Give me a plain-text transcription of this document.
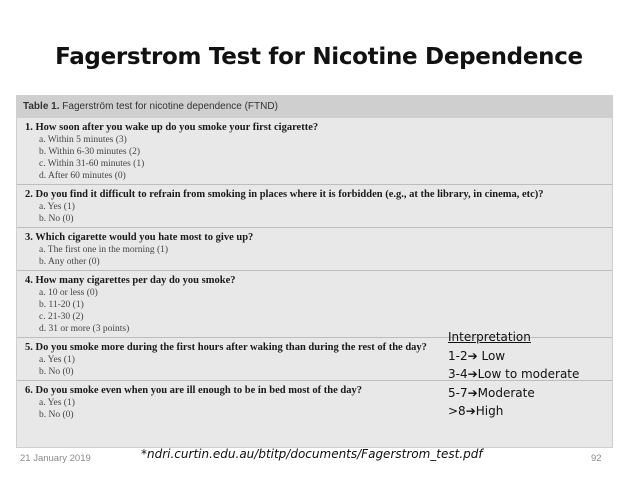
Fagerstrom Test for Nicotine Dependence
Table 1. Fagerström test for nicotine dependence (FTND)
1. How soon after you wake up do you smoke your first cigarette?
a. Within 5 minutes (3)
b. Within 6-30 minutes (2)
c. Within 31-60 minutes (1)
d. After 60 minutes (0)
2. Do you find it difficult to refrain from smoking in places where it is forbidden (e.g., at the library, in cinema, etc)?
a. Yes (1)
b. No (0)
3. Which cigarette would you hate most to give up?
a. The first one in the morning (1)
b. Any other (0)
4. How many cigarettes per day do you smoke?
a. 10 or less (0)
b. 11-20 (1)
c. 21-30 (2)
d. 31 or more (3 points)
5. Do you smoke more during the first hours after waking than during the rest of the day?
a. Yes (1)
b. No (0)
6. Do you smoke even when you are ill enough to be in bed most of the day?
a. Yes (1)
b. No (0)
Interpretation
1-2➔ Low
3-4➔Low to moderate
5-7➔Moderate
>8➔High
21 January 2019	*ndri.curtin.edu.au/btitp/documents/Fagerstrom_test.pdf	92
